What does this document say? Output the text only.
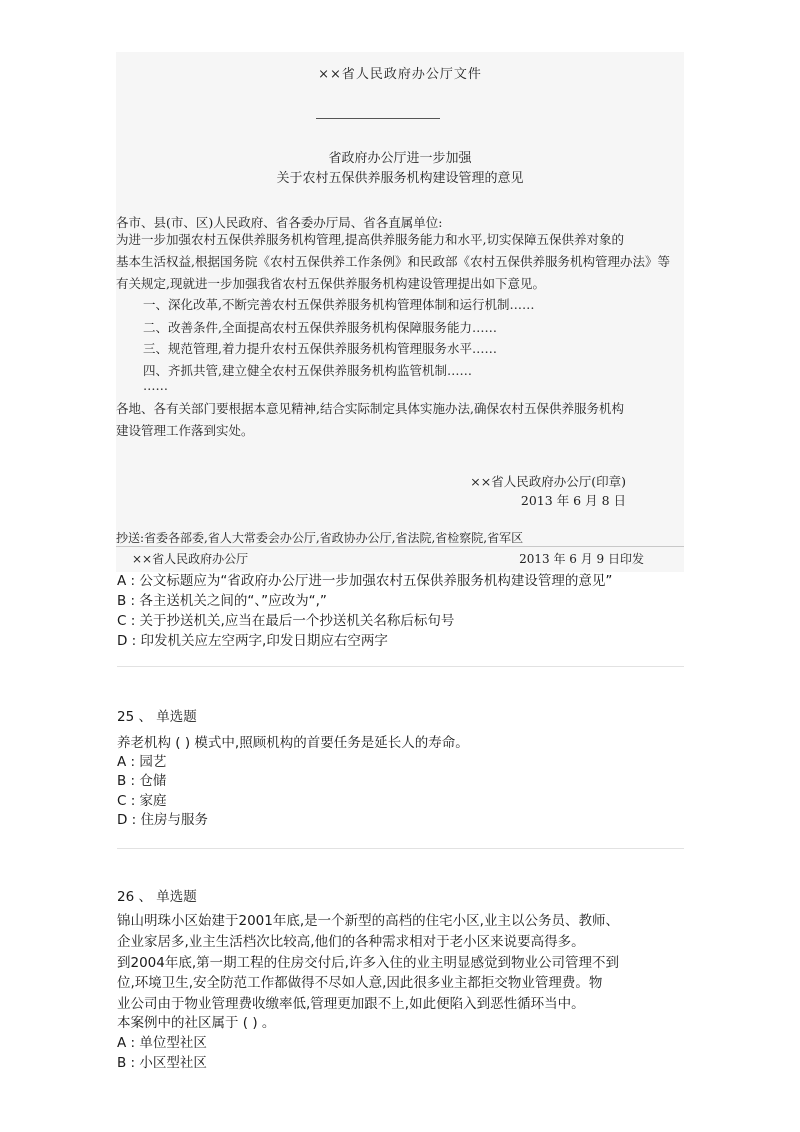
××省人民政府办公厅文件
省政府办公厅进一步加强
关于农村五保供养服务机构建设管理的意见
各市、县(市、区)人民政府、省各委办厅局、省各直属单位:
为进一步加强农村五保供养服务机构管理,提高供养服务能力和水平,切实保障五保供养对象的
基本生活权益,根据国务院《农村五保供养工作条例》和民政部《农村五保供养服务机构管理办法》等
有关规定,现就进一步加强我省农村五保供养服务机构建设管理提出如下意见。
一、深化改革,不断完善农村五保供养服务机构管理体制和运行机制……
二、改善条件,全面提高农村五保供养服务机构保障服务能力……
三、规范管理,着力提升农村五保供养服务机构管理服务水平……
四、齐抓共管,建立健全农村五保供养服务机构监管机制……
……
各地、各有关部门要根据本意见精神,结合实际制定具体实施办法,确保农村五保供养服务机构
建设管理工作落到实处。
××省人民政府办公厅(印章)
2013 年 6 月 8 日
抄送:省委各部委,省人大常委会办公厅,省政协办公厅,省法院,省检察院,省军区
××省人民政府办公厅	2013 年 6 月 9 日印发
A : 公文标题应为“省政府办公厅进一步加强农村五保供养服务机构建设管理的意见”
B : 各主送机关之间的“、”应改为“,”
C : 关于抄送机关,应当在最后一个抄送机关名称后标句号
D : 印发机关应左空两字,印发日期应右空两字
25 、 单选题
养老机构 ( ) 模式中,照顾机构的首要任务是延长人的寿命。
A : 园艺
B : 仓储
C : 家庭
D : 住房与服务
26 、 单选题
锦山明珠小区始建于2001年底,是一个新型的高档的住宅小区,业主以公务员、教师、
企业家居多,业主生活档次比较高,他们的各种需求相对于老小区来说要高得多。
到2004年底,第一期工程的住房交付后,许多入住的业主明显感觉到物业公司管理不到
位,环境卫生,安全防范工作都做得不尽如人意,因此很多业主都拒交物业管理费。物
业公司由于物业管理费收缴率低,管理更加跟不上,如此便陷入到恶性循环当中。
本案例中的社区属于 ( ) 。
A : 单位型社区
B : 小区型社区
